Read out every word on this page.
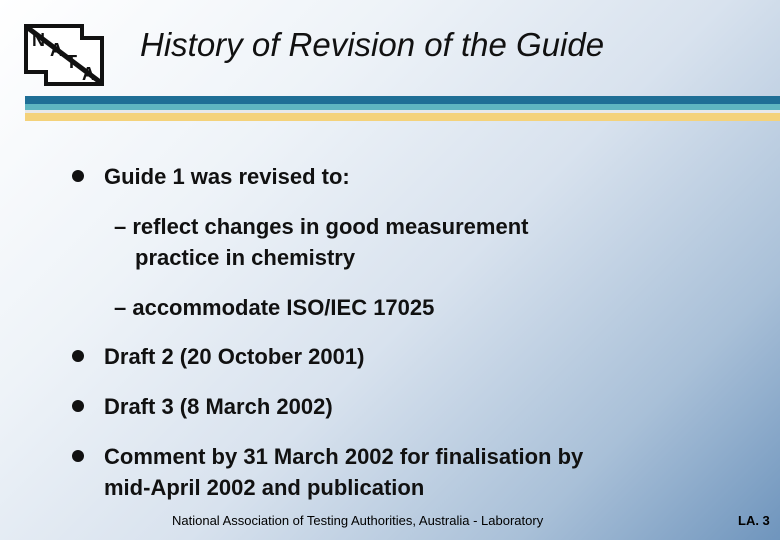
N A
T
A
History of Revision of the Guide
Guide 1 was revised to:
– reflect changes in good measurement
practice in chemistry
– accommodate ISO/IEC 17025
Draft 2 (20 October 2001)
Draft 3 (8 March 2002)
Comment by 31 March 2002 for finalisation by
mid-April 2002 and publication
National Association of Testing Authorities, Australia - Laboratory	LA. 3
